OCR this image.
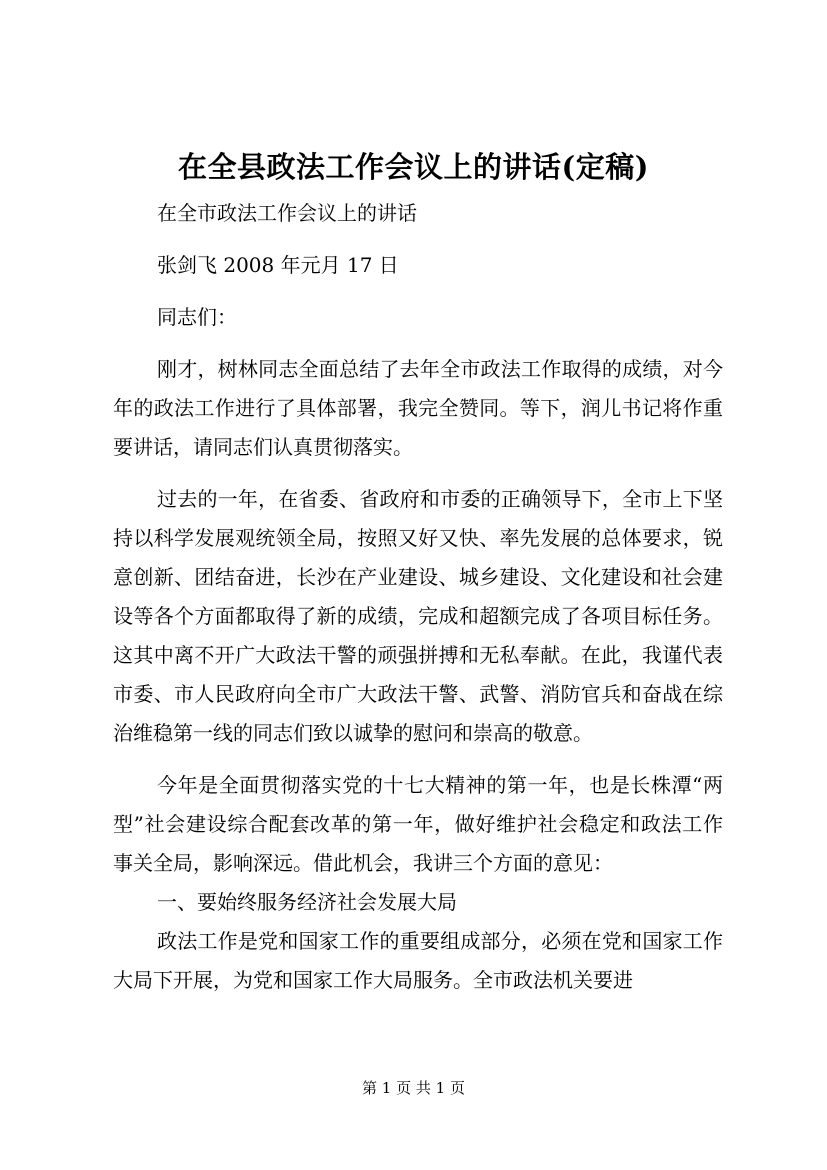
在全县政法工作会议上的讲话(定稿)

在全市政法工作会议上的讲话

张剑飞 2008 年元月 17 日

同志们：

刚才，树林同志全面总结了去年全市政法工作取得的成绩，对今年的政法工作进行了具体部署，我完全赞同。等下，润儿书记将作重要讲话，请同志们认真贯彻落实。

过去的一年，在省委、省政府和市委的正确领导下，全市上下坚持以科学发展观统领全局，按照又好又快、率先发展的总体要求，锐意创新、团结奋进，长沙在产业建设、城乡建设、文化建设和社会建设等各个方面都取得了新的成绩，完成和超额完成了各项目标任务。这其中离不开广大政法干警的顽强拼搏和无私奉献。在此，我谨代表市委、市人民政府向全市广大政法干警、武警、消防官兵和奋战在综治维稳第一线的同志们致以诚挚的慰问和崇高的敬意。

今年是全面贯彻落实党的十七大精神的第一年，也是长株潭“两型”社会建设综合配套改革的第一年，做好维护社会稳定和政法工作事关全局，影响深远。借此机会，我讲三个方面的意见：

一、要始终服务经济社会发展大局

政法工作是党和国家工作的重要组成部分，必须在党和国家工作大局下开展，为党和国家工作大局服务。全市政法机关要进

第 1 页 共 1 页
